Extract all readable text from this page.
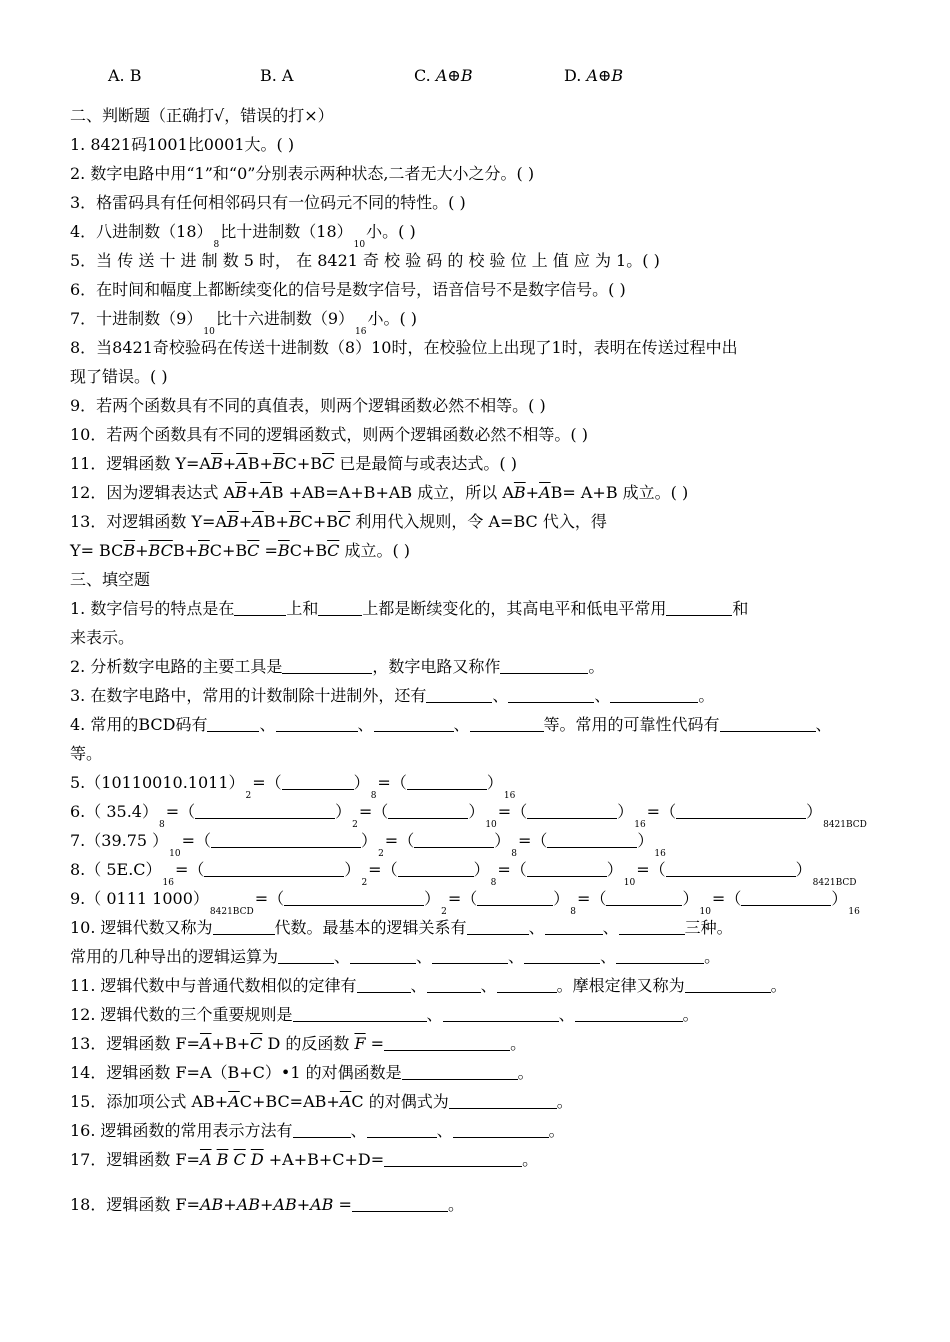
A. B	B. A	C. A⊕B	D. A⊕B
二、判断题（正确打√，错误的打×）
1. 8421码1001比0001大。( )
2. 数字电路中用“1”和“0”分别表示两种状态,二者无大小之分。( )
3．格雷码具有任何相邻码只有一位码元不同的特性。( )
4．八进制数$(18)_8$比十进制数$(18)_{10}$小。( )
5．当 传 送 十 进 制 数 5 时， 在 8421 奇 校 验 码 的 校 验 位 上 值 应 为 1。( )
6．在时间和幅度上都断续变化的信号是数字信号，语音信号不是数字信号。( )
7．十进制数$(9)_{10}$比十六进制数$(9)_{16}$小。( )
8．当8421奇校验码在传送十进制数（8）10时，在校验位上出现了1时，表明在传送过程中出
现了错误。( )
9．若两个函数具有不同的真值表，则两个逻辑函数必然不相等。( )
10．若两个函数具有不同的逻辑函数式，则两个逻辑函数必然不相等。( )
11．逻辑函数 $Y=A\overline{B}+\overline{A}B+\overline{B}C+B\overline{C}$ 已是最简与或表达式。( )
12．因为逻辑表达式 $A\overline{B}+\overline{A}B +AB=A+B+AB$ 成立，所以 $A\overline{B}+\overline{A}B= A+B$ 成立。( )
13．对逻辑函数 $Y=A\overline{B}+\overline{A}B+\overline{B}C+B\overline{C}$ 利用代入规则，令 A=BC 代入，得
$Y= BC\overline{B}+\overline{BC}B+\overline{B}C+B\overline{C} =\overline{B}C+B\overline{C}$ 成立。( )
三、填空题
1. 数字信号的特点是在	上和	上都是断续变化的，其高电平和低电平常用	和
来表示。
2. 分析数字电路的主要工具是	，数字电路又称作	。
3. 在数字电路中，常用的计数制除十进制外，还有	、	、	。
4. 常用的BCD码有	、	、	、	等。常用的可靠性代码有	、
等。
$5.(10110010.1011)_2=$（	）$_8=$（	）$_{16}$
6.（ $35.4)_8=$（	）$_2=$（	）$_{10}=$（	）$_{16}=$（	）$_{8421BCD}$
7.（39.75 ）$_{10}=$（	）$_2=$（	）$_8=$（	）$_{16}$
8.（ $5E.C)_{16}=$（	）$_2=$（	）$_8=$（	）$_{10}=$（	）$_{8421BCD}$
9.（ 0111 $1000)_{8421BCD}=$（	）$_2=$（	）$_8=$（	）$_{10}=$（	）$_{16}$
10. 逻辑代数又称为	代数。最基本的逻辑关系有	、	、	三种。
常用的几种导出的逻辑运算为	、	、	、	、	。
11. 逻辑代数中与普通代数相似的定律有	、	、	。摩根定律又称为	。
12. 逻辑代数的三个重要规则是	、	、	。
13．逻辑函数 $F=\overline{A}+B+\overline{C}$ D 的反函数 $\overline{F}$ =	。
14．逻辑函数 F=A（B+C）•1 的对偶函数是	。
15．添加项公式 $AB+\overline{A}C+BC=AB+\overline{A}C$ 的对偶式为	。
16. 逻辑函数的常用表示方法有	、	、	。
17．逻辑函数 $F=\overline{A}$ $\overline{B}$ $\overline{C}$ $\overline{D} +A+B+C+D=$	。
18．逻辑函数 F=AB+AB+AB+AB =	。
